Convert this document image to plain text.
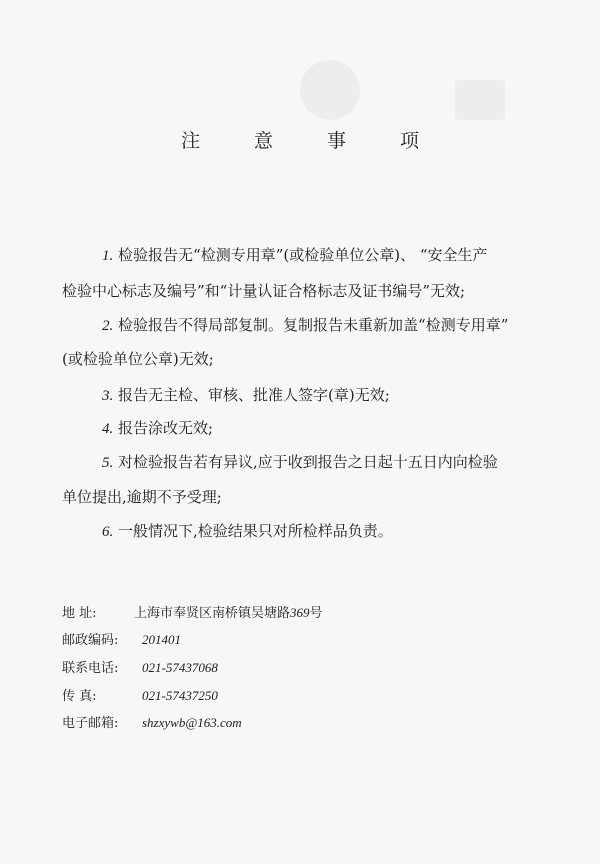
注 意 事 项
1. 检验报告无“检测专用章”(或检验单位公章)、 “安全生产
检验中心标志及编号”和“计量认证合格标志及证书编号”无效;
2. 检验报告不得局部复制。复制报告未重新加盖“检测专用章”
(或检验单位公章)无效;
3. 报告无主检、审核、批准人签字(章)无效;
4. 报告涂改无效;
5. 对检验报告若有异议,应于收到报告之日起十五日内向检验
单位提出,逾期不予受理;
6. 一般情况下,检验结果只对所检样品负责。
地 址:	上海市奉贤区南桥镇吴塘路369号
邮政编码: 201401
联系电话: 021-57437068
传 真:	021-57437250
电子邮箱: shzxywb@163.com
